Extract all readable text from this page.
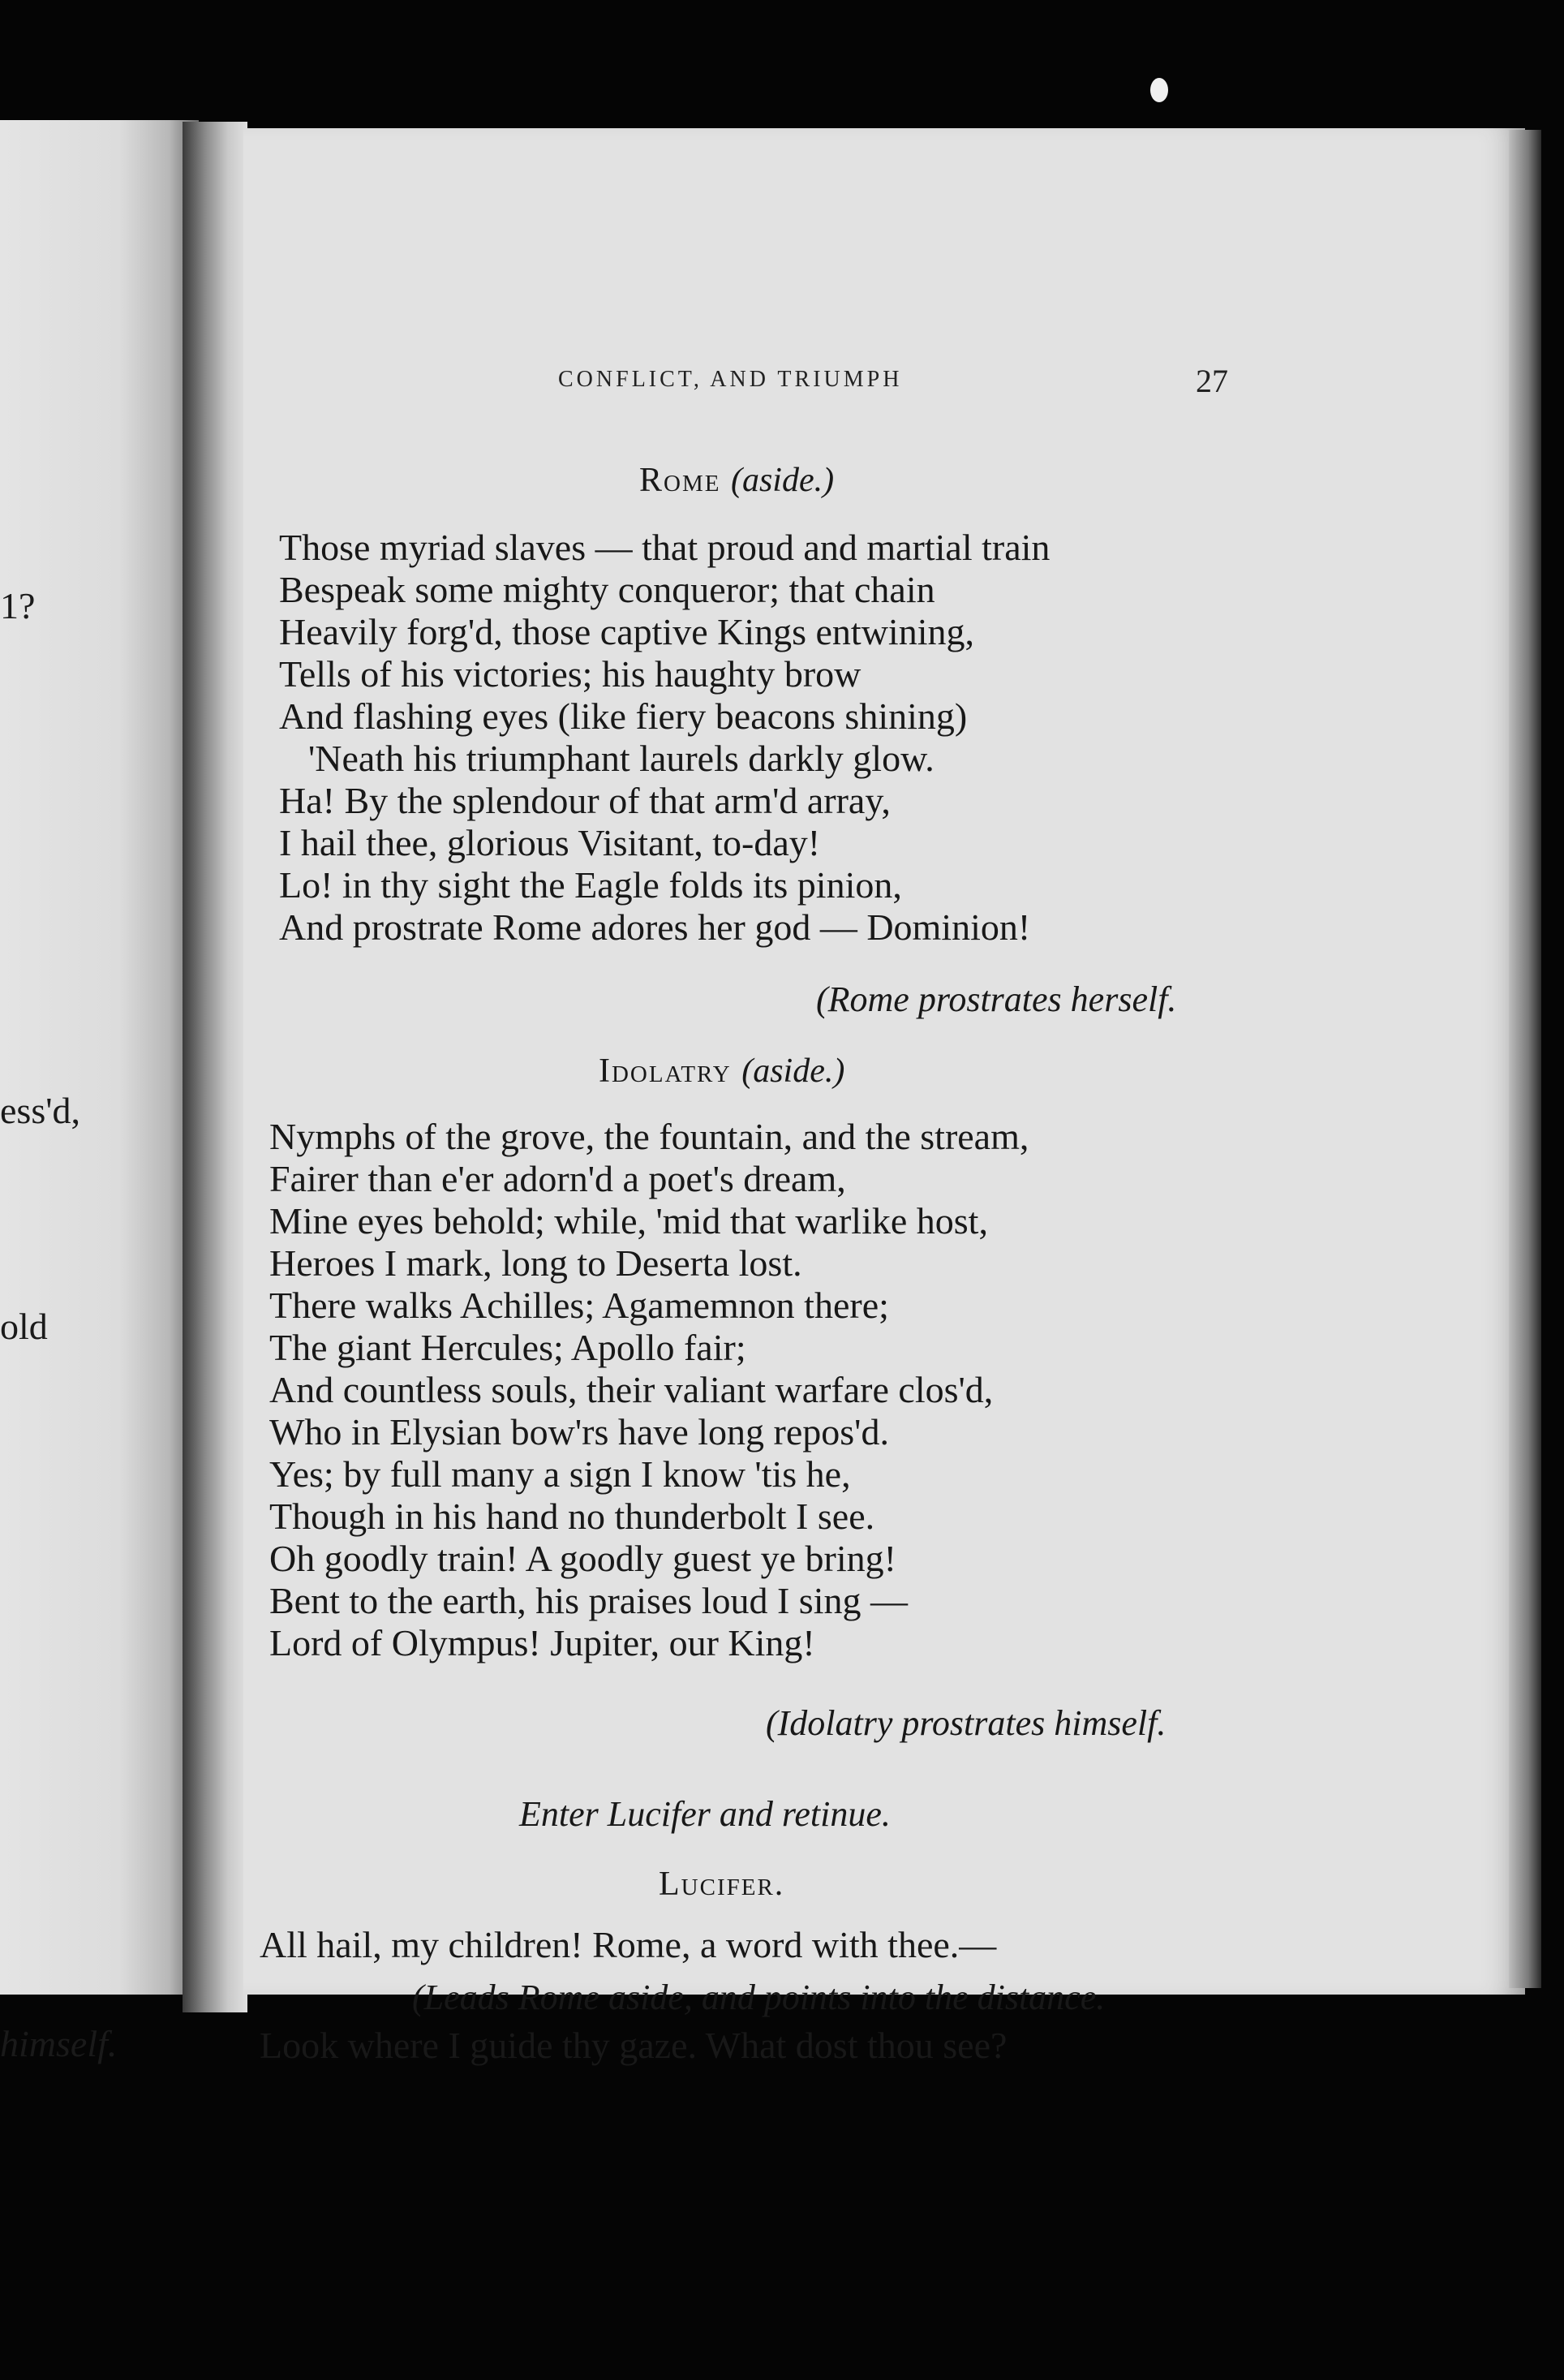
1?
ess'd,
old
himself.
CONFLICT, AND TRIUMPH	27
Rome (aside.)
Those myriad slaves — that proud and martial train
Bespeak some mighty conqueror; that chain
Heavily forg'd, those captive Kings entwining,
Tells of his victories; his haughty brow
And flashing eyes (like fiery beacons shining)
'Neath his triumphant laurels darkly glow.
Ha! By the splendour of that arm'd array,
I hail thee, glorious Visitant, to-day!
Lo! in thy sight the Eagle folds its pinion,
And prostrate Rome adores her god — Dominion!
(Rome prostrates herself.
Idolatry (aside.)
Nymphs of the grove, the fountain, and the stream,
Fairer than e'er adorn'd a poet's dream,
Mine eyes behold; while, 'mid that warlike host,
Heroes I mark, long to Deserta lost.
There walks Achilles; Agamemnon there;
The giant Hercules; Apollo fair;
And countless souls, their valiant warfare clos'd,
Who in Elysian bow'rs have long repos'd.
Yes; by full many a sign I know 'tis he,
Though in his hand no thunderbolt I see.
Oh goodly train! A goodly guest ye bring!
Bent to the earth, his praises loud I sing —
Lord of Olympus! Jupiter, our King!
(Idolatry prostrates himself.
Enter Lucifer and retinue.
Lucifer.
All hail, my children! Rome, a word with thee.—
(Leads Rome aside, and points into the distance.
Look where I guide thy gaze. What dost thou see?
